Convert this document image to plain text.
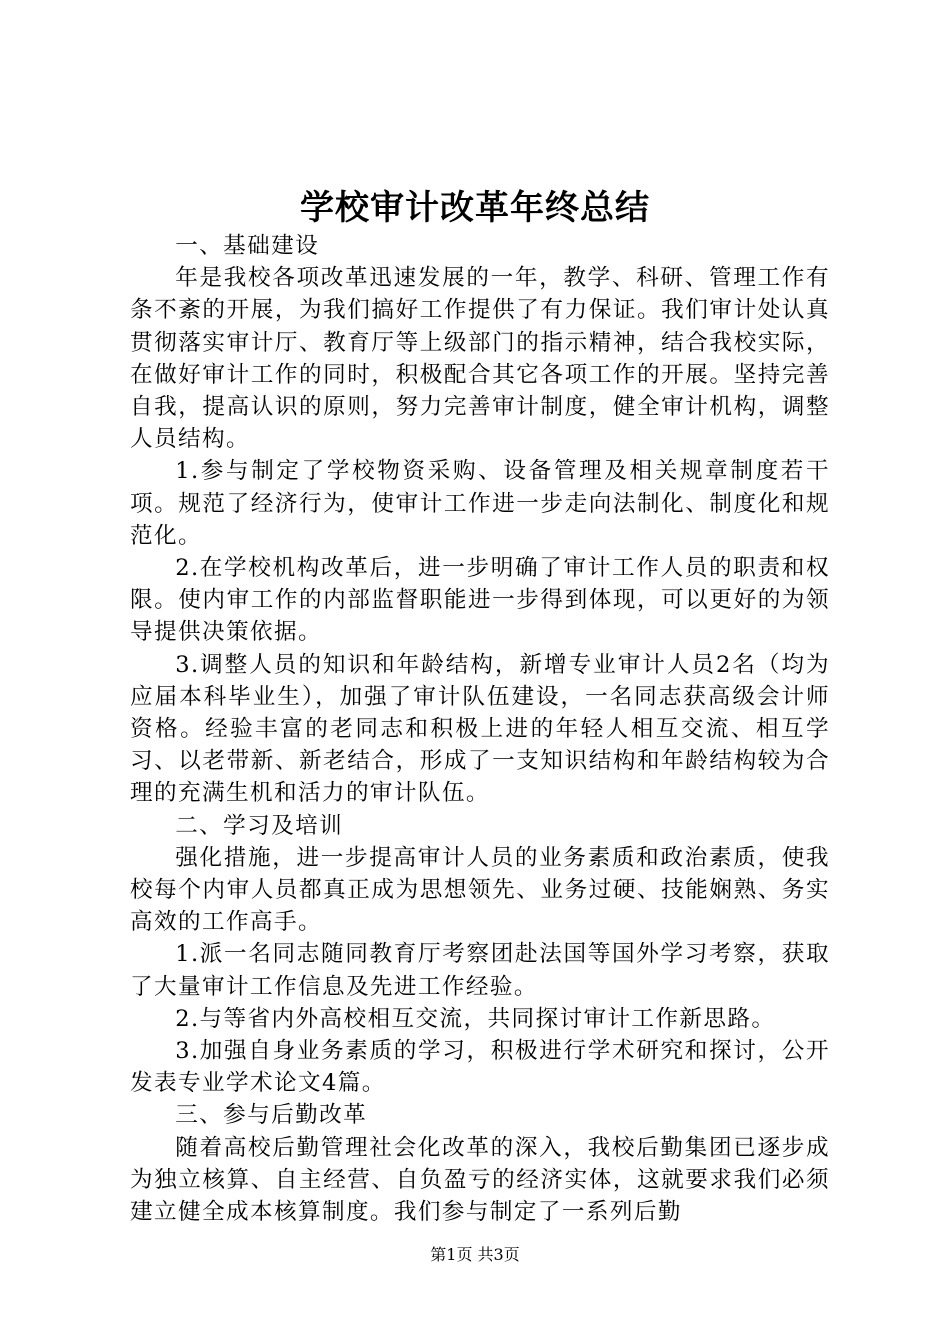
学校审计改革年终总结

一、基础建设

年是我校各项改革迅速发展的一年，教学、科研、管理工作有条不紊的开展，为我们搞好工作提供了有力保证。我们审计处认真贯彻落实审计厅、教育厅等上级部门的指示精神，结合我校实际，在做好审计工作的同时，积极配合其它各项工作的开展。坚持完善自我，提高认识的原则，努力完善审计制度，健全审计机构，调整人员结构。

1.参与制定了学校物资采购、设备管理及相关规章制度若干项。规范了经济行为，使审计工作进一步走向法制化、制度化和规范化。

2.在学校机构改革后，进一步明确了审计工作人员的职责和权限。使内审工作的内部监督职能进一步得到体现，可以更好的为领导提供决策依据。

3.调整人员的知识和年龄结构，新增专业审计人员2名（均为应届本科毕业生），加强了审计队伍建设，一名同志获高级会计师资格。经验丰富的老同志和积极上进的年轻人相互交流、相互学习、以老带新、新老结合，形成了一支知识结构和年龄结构较为合理的充满生机和活力的审计队伍。

二、学习及培训

强化措施，进一步提高审计人员的业务素质和政治素质，使我校每个内审人员都真正成为思想领先、业务过硬、技能娴熟、务实高效的工作高手。

1.派一名同志随同教育厅考察团赴法国等国外学习考察，获取了大量审计工作信息及先进工作经验。

2.与等省内外高校相互交流，共同探讨审计工作新思路。

3.加强自身业务素质的学习，积极进行学术研究和探讨，公开发表专业学术论文4篇。

三、参与后勤改革

随着高校后勤管理社会化改革的深入，我校后勤集团已逐步成为独立核算、自主经营、自负盈亏的经济实体，这就要求我们必须建立健全成本核算制度。我们参与制定了一系列后勤

第1页 共3页
